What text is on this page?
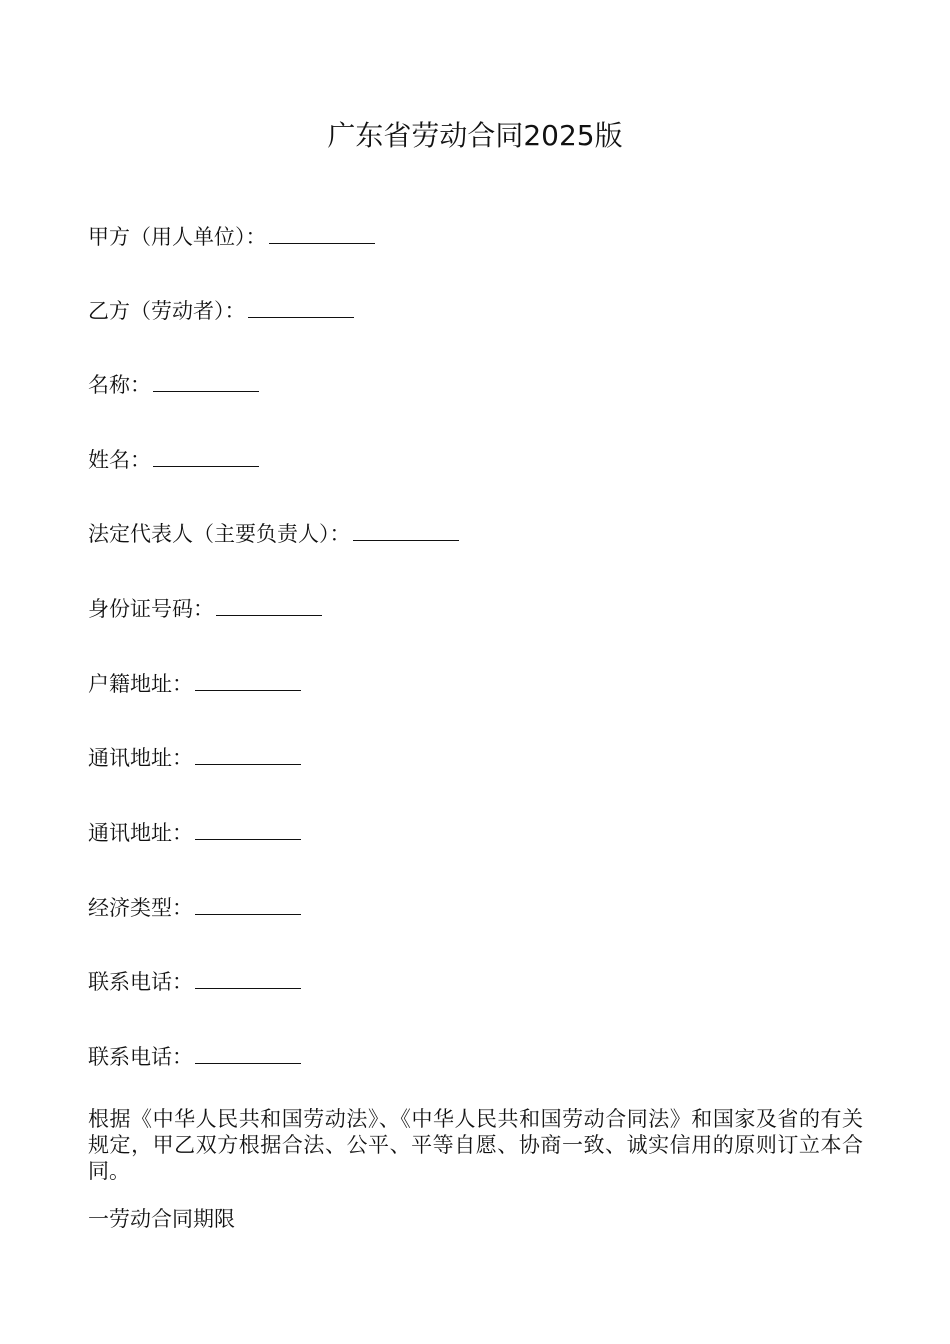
广东省劳动合同2025版
甲方（用人单位）：
乙方（劳动者）：
名称：
姓名：
法定代表人（主要负责人）：
身份证号码：
户籍地址：
通讯地址：
通讯地址：
经济类型：
联系电话：
联系电话：

根据《中华人民共和国劳动法》、《中华人民共和国劳动合同法》和国家及省的有关规定，甲乙双方根据合法、公平、平等自愿、协商一致、诚实信用的原则订立本合同。

一劳动合同期限
